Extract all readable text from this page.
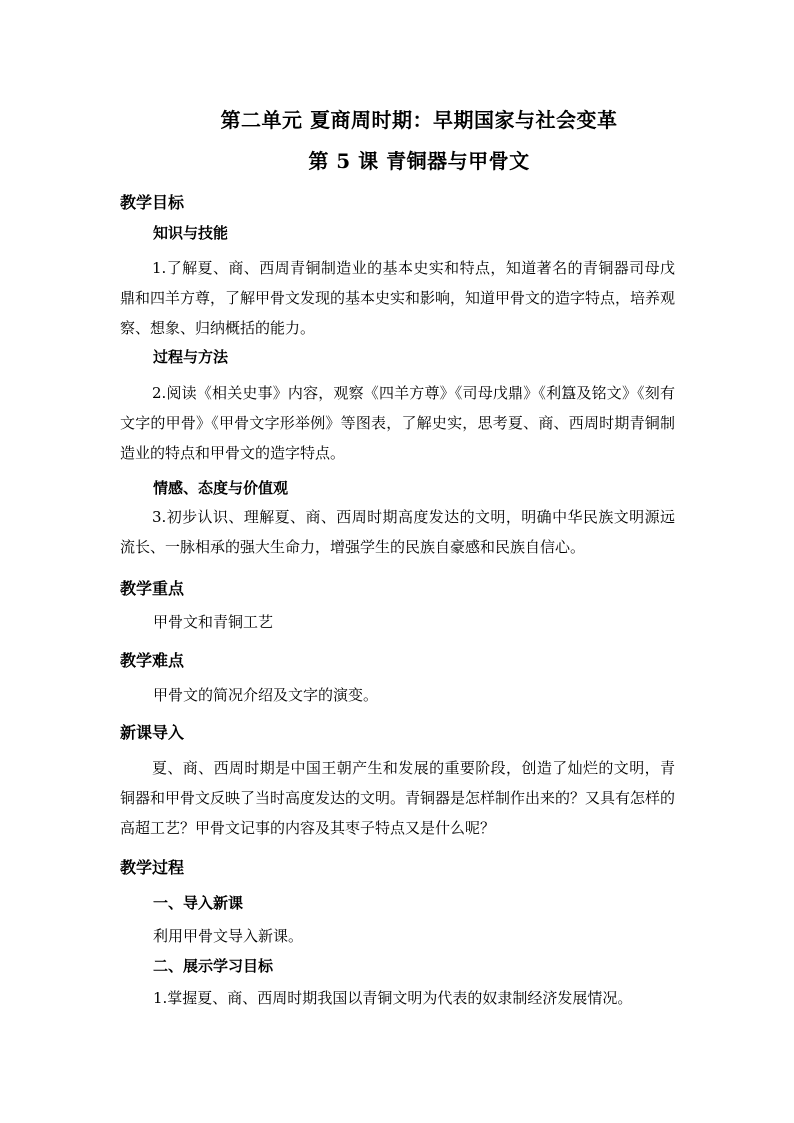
第二单元 夏商周时期：早期国家与社会变革
第 5 课 青铜器与甲骨文
教学目标
知识与技能
1.了解夏、商、西周青铜制造业的基本史实和特点，知道著名的青铜器司母戊鼎和四羊方尊，了解甲骨文发现的基本史实和影响，知道甲骨文的造字特点，培养观察、想象、归纳概括的能力。
过程与方法
2.阅读《相关史事》内容，观察《四羊方尊》《司母戊鼎》《利簋及铭文》《刻有文字的甲骨》《甲骨文字形举例》等图表，了解史实，思考夏、商、西周时期青铜制造业的特点和甲骨文的造字特点。
情感、态度与价值观
3.初步认识、理解夏、商、西周时期高度发达的文明，明确中华民族文明源远流长、一脉相承的强大生命力，增强学生的民族自豪感和民族自信心。
教学重点
甲骨文和青铜工艺
教学难点
甲骨文的简况介绍及文字的演变。
新课导入
夏、商、西周时期是中国王朝产生和发展的重要阶段，创造了灿烂的文明，青铜器和甲骨文反映了当时高度发达的文明。青铜器是怎样制作出来的？又具有怎样的高超工艺？甲骨文记事的内容及其枣子特点又是什么呢？
教学过程
一、导入新课
利用甲骨文导入新课。
二、展示学习目标
1.掌握夏、商、西周时期我国以青铜文明为代表的奴隶制经济发展情况。
